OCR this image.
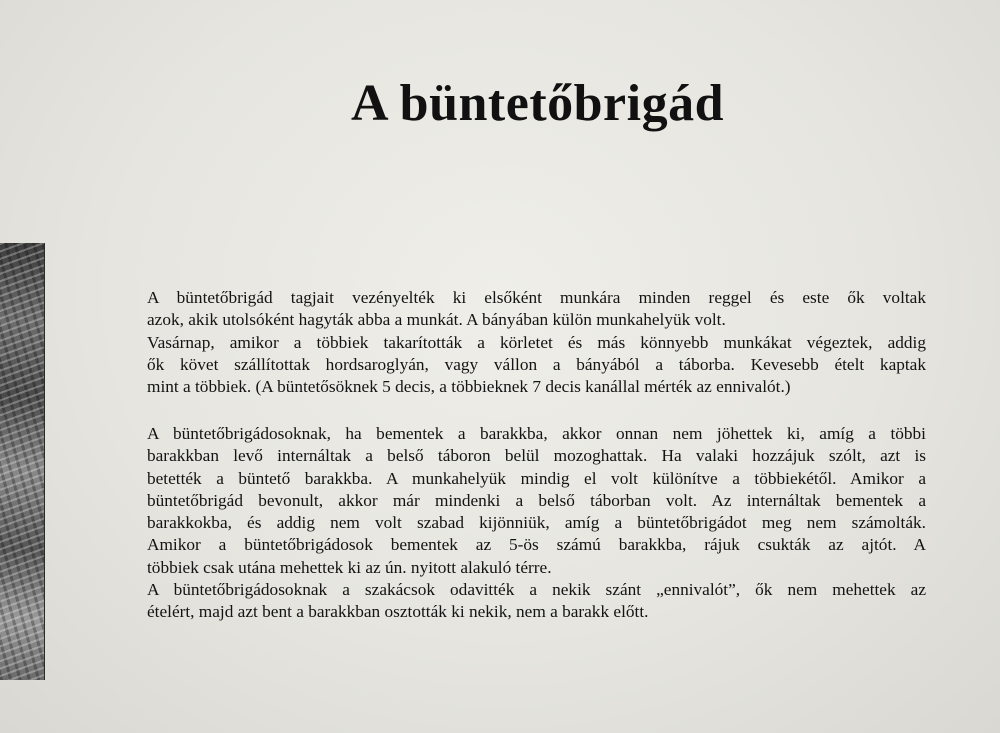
A büntetőbrigád
A büntetőbrigád tagjait vezényelték ki elsőként munkára minden reggel és este ők voltak
azok, akik utolsóként hagyták abba a munkát. A bányában külön munkahelyük volt.
Vasárnap, amikor a többiek takarították a körletet és más könnyebb munkákat végeztek, addig
ők követ szállítottak hordsaroglyán, vagy vállon a bányából a táborba. Kevesebb ételt kaptak
mint a többiek. (A büntetősöknek 5 decis, a többieknek 7 decis kanállal mérték az ennivalót.)
A büntetőbrigádosoknak, ha bementek a barakkba, akkor onnan nem jöhettek ki, amíg a többi
barakkban levő internáltak a belső táboron belül mozoghattak. Ha valaki hozzájuk szólt, azt is
betették a büntető barakkba. A munkahelyük mindig el volt különítve a többiekétől. Amikor a
büntetőbrigád bevonult, akkor már mindenki a belső táborban volt. Az internáltak bementek a
barakkokba, és addig nem volt szabad kijönniük, amíg a büntetőbrigádot meg nem számolták.
Amikor a büntetőbrigádosok bementek az 5-ös számú barakkba, rájuk csukták az ajtót. A
többiek csak utána mehettek ki az ún. nyitott alakuló térre.
A büntetőbrigádosoknak a szakácsok odavitték a nekik szánt „ennivalót”, ők nem mehettek az
ételért, majd azt bent a barakkban osztották ki nekik, nem a barakk előtt.
